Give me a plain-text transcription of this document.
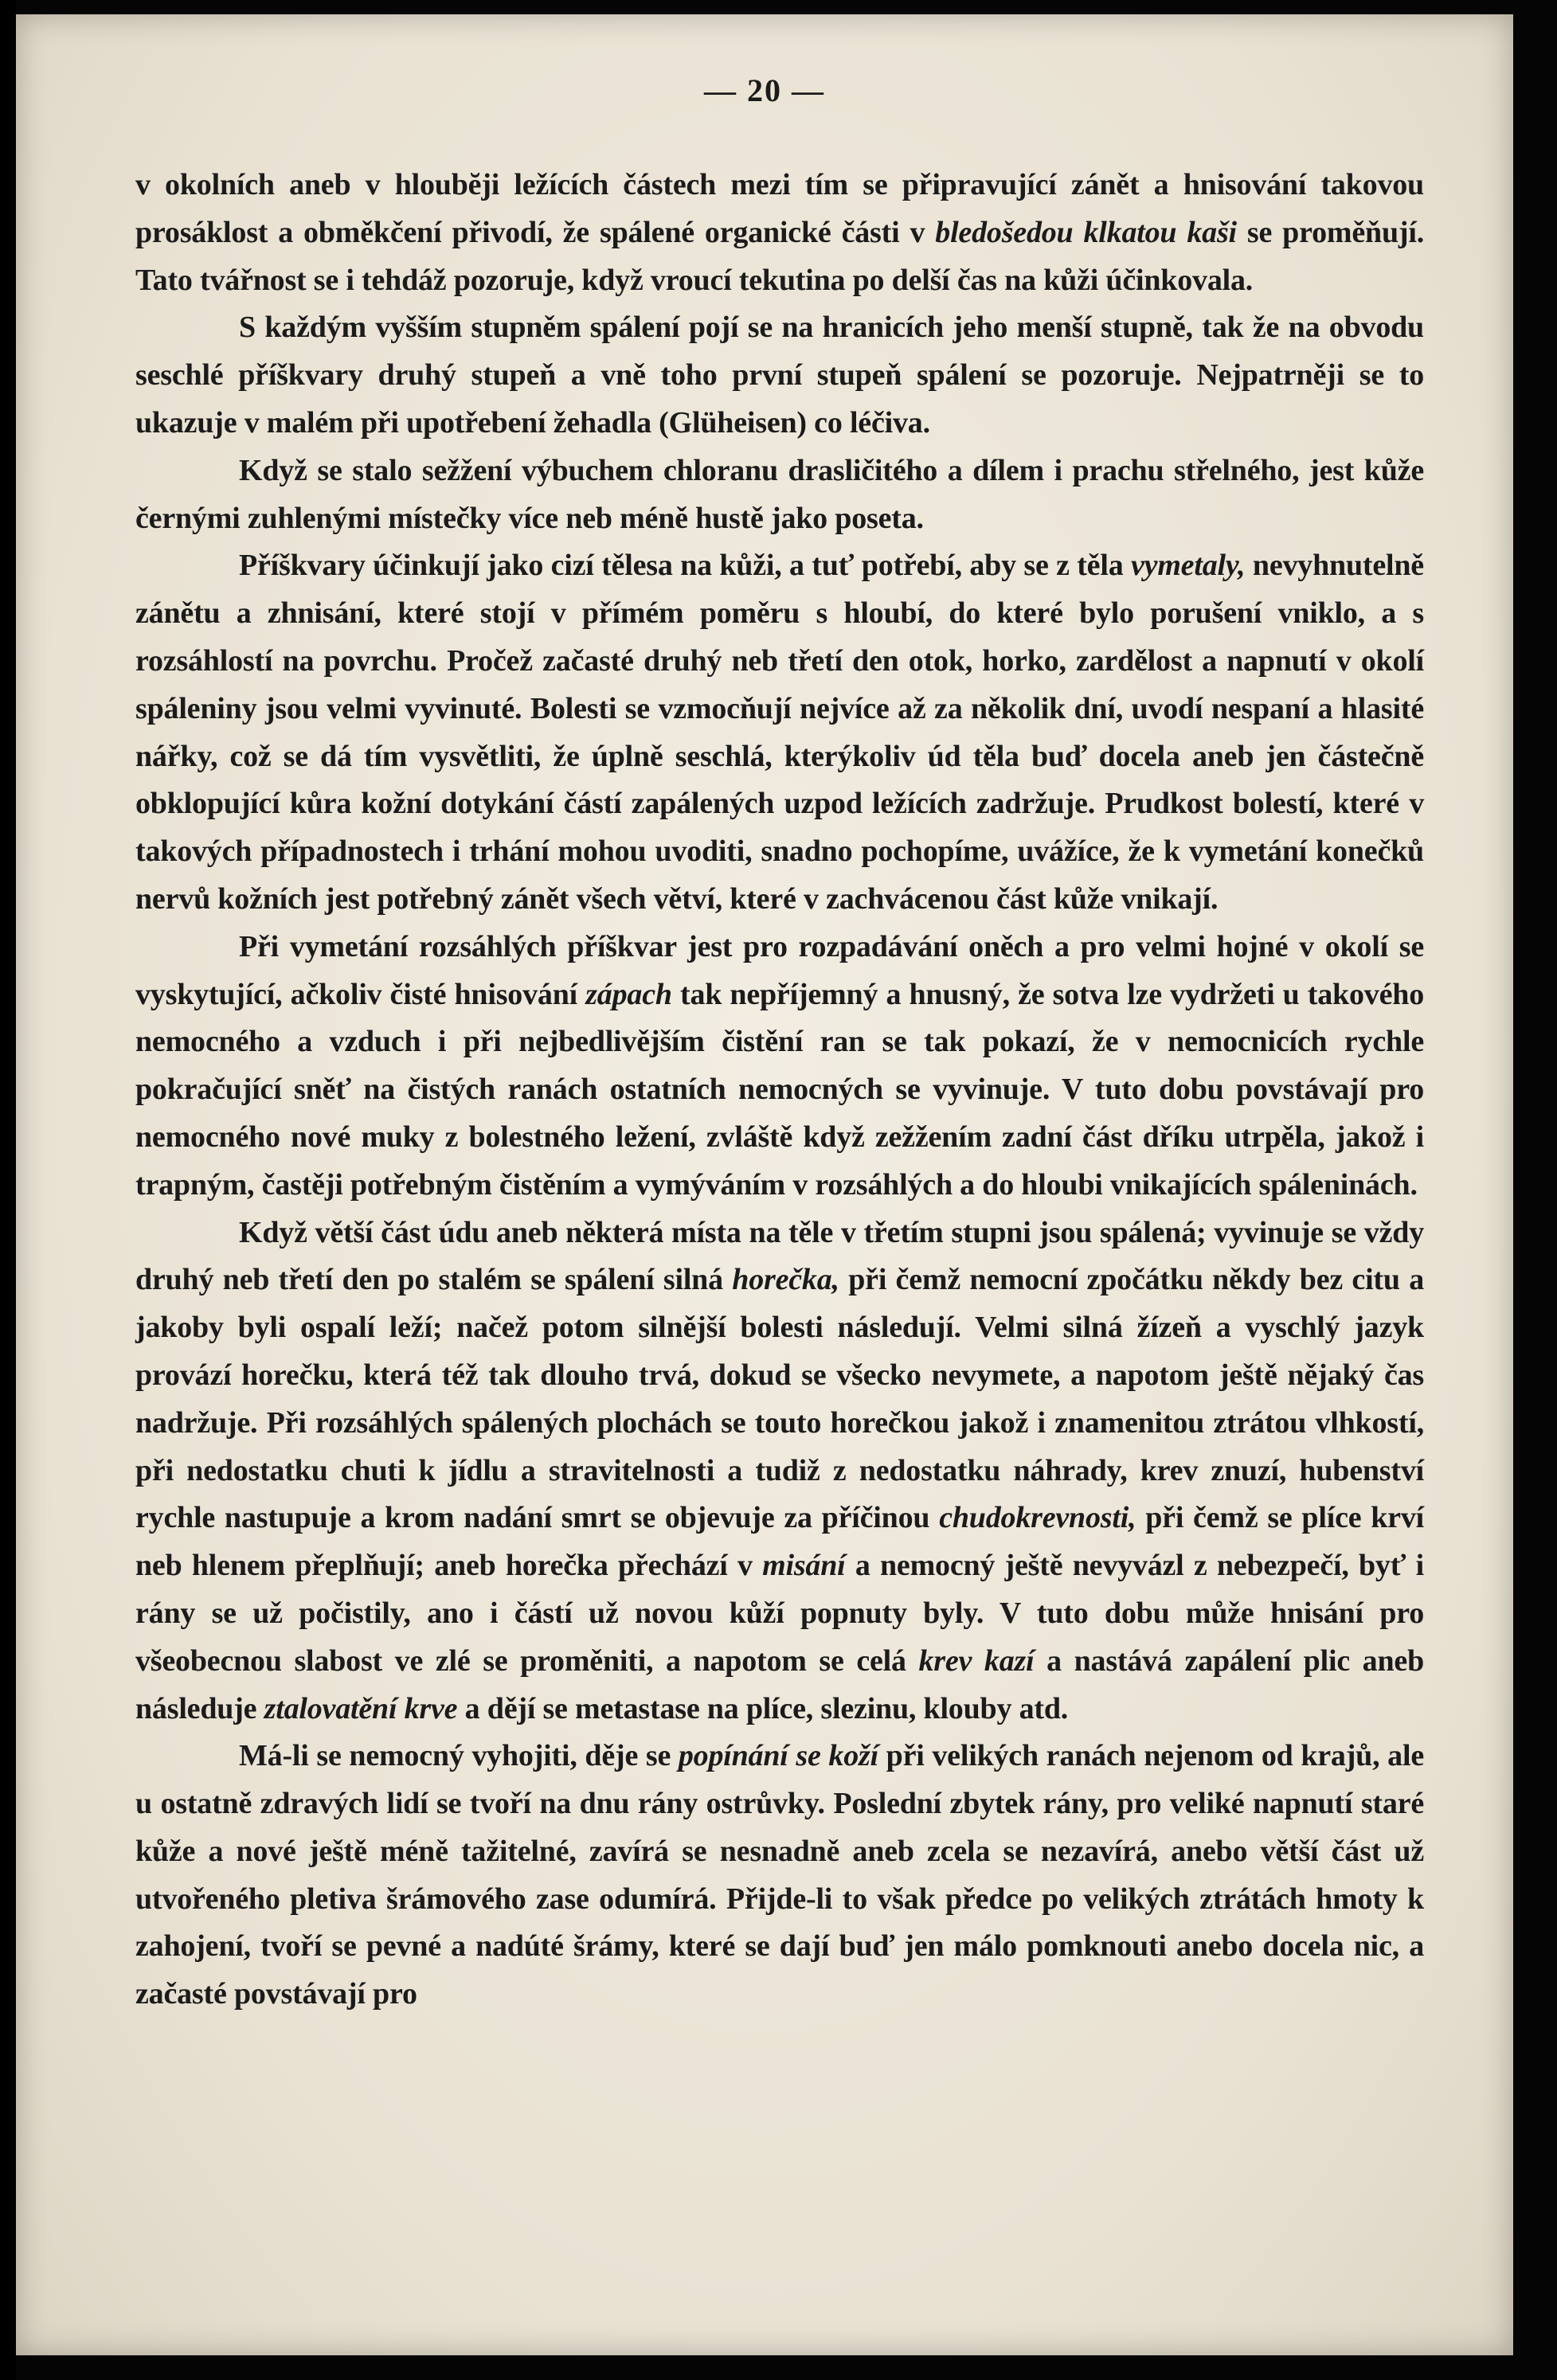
— 20 —

v okolních aneb v hloubĕji ležících částech mezi tím se připravující zánět a hnisování takovou prosáklost a obměkčení přivodí, že spálené organické části v bledošedou klkatou kaši se proměňují. Tato tvářnost se i tehdáž pozoruje, když vroucí tekutina po delší čas na kůži účinkovala.

S každým vyšším stupněm spálení pojí se na hranicích jeho menší stupně, tak že na obvodu seschlé příškvary druhý stupeň a vně toho první stupeň spálení se pozoruje. Nejpatrněji se to ukazuje v malém při upotřebení žehadla (Glüheisen) co léčiva.

Když se stalo sežžení výbuchem chloranu drasličitého a dílem i prachu střelného, jest kůže černými zuhlenými místečky více neb méně hustě jako poseta.

Příškvary účinkují jako cizí tělesa na kůži, a tuť potřebí, aby se z těla vymetaly, nevyhnutelně zánětu a zhnisání, které stojí v přímém poměru s hloubí, do které bylo porušení vniklo, a s rozsáhlostí na povrchu. Pročež začasté druhý neb třetí den otok, horko, zardělost a napnutí v okolí spáleniny jsou velmi vyvinuté. Bolesti se vzmocňují nejvíce až za několik dní, uvodí nespaní a hlasité nářky, což se dá tím vysvětliti, že úplně seschlá, kterýkoliv úd těla buď docela aneb jen částečně obklopující kůra kožní dotykání částí zapálených uzpod ležících zadržuje. Prudkost bolestí, které v takových případnostech i trhání mohou uvoditi, snadno pochopíme, uvážíce, že k vymetání konečků nervů kožních jest potřebný zánět všech větví, které v zachvácenou část kůže vnikají.

Při vymetání rozsáhlých příškvar jest pro rozpadávání oněch a pro velmi hojné v okolí se vyskytující, ačkoliv čisté hnisování zápach tak nepříjemný a hnusný, že sotva lze vydržeti u takového nemocného a vzduch i při nejbedlivějším čistění ran se tak pokazí, že v nemocnicích rychle pokračující sněť na čistých ranách ostatních nemocných se vyvinuje. V tuto dobu povstávají pro nemocného nové muky z bolestného ležení, zvláště když zežžením zadní část dříku utrpěla, jakož i trapným, častěji potřebným čistěním a vymýváním v rozsáhlých a do hloubi vnikajících spáleninách.

Když větší část údu aneb některá místa na těle v třetím stupni jsou spálená; vyvinuje se vždy druhý neb třetí den po stalém se spálení silná horečka, při čemž nemocní zpočátku někdy bez citu a jakoby byli ospalí leží; načež potom silnější bolesti následují. Velmi silná žízeň a vyschlý jazyk provází horečku, která též tak dlouho trvá, dokud se všecko nevymete, a napotom ještě nějaký čas nadržuje. Při rozsáhlých spálených plochách se touto horečkou jakož i znamenitou ztrátou vlhkostí, při nedostatku chuti k jídlu a stravitelnosti a tudiž z nedostatku náhrady, krev znuzí, hubenství rychle nastupuje a krom nadání smrt se objevuje za příčinou chudokrevnosti, při čemž se plíce krví neb hlenem přeplňují; aneb horečka přechází v misání a nemocný ještě nevyvázl z nebezpečí, byť i rány se už počistily, ano i částí už novou kůží popnuty byly. V tuto dobu může hnisání pro všeobecnou slabost ve zlé se proměniti, a napotom se celá krev kazí a nastává zapálení plic aneb následuje ztalovatění krve a dějí se metastase na plíce, slezinu, klouby atd.

Má-li se nemocný vyhojiti, děje se popínání se koží při velikých ranách nejenom od krajů, ale u ostatně zdravých lidí se tvoří na dnu rány ostrůvky. Poslední zbytek rány, pro veliké napnutí staré kůže a nové ještě méně tažitelné, zavírá se nesnadně aneb zcela se nezavírá, anebo větší část už utvořeného pletiva šrámového zase odumírá. Přijde-li to však předce po velikých ztrátách hmoty k zahojení, tvoří se pevné a nadúté šrámy, které se dají buď jen málo pomknouti anebo docela nic, a začasté povstávají pro
